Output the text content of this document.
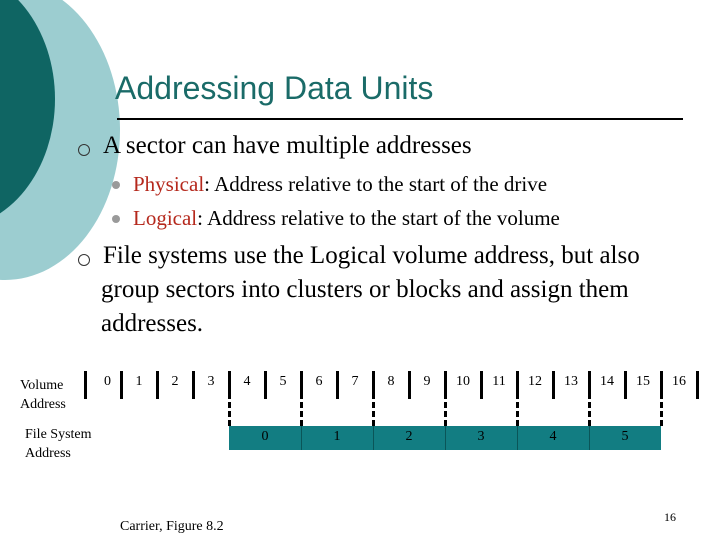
Addressing Data Units
A sector can have multiple addresses
Physical: Address relative to the start of the drive
Logical: Address relative to the start of the volume
File systems use the Logical volume address, but also
group sectors into clusters or blocks and assign them
addresses.
Volume
Address
File System
Address
0 1 2 3 4 5 6 7 8 9 10 11 12 13 14 15 16
0	1	2	3	4	5
Carrier, Figure 8.2
16
